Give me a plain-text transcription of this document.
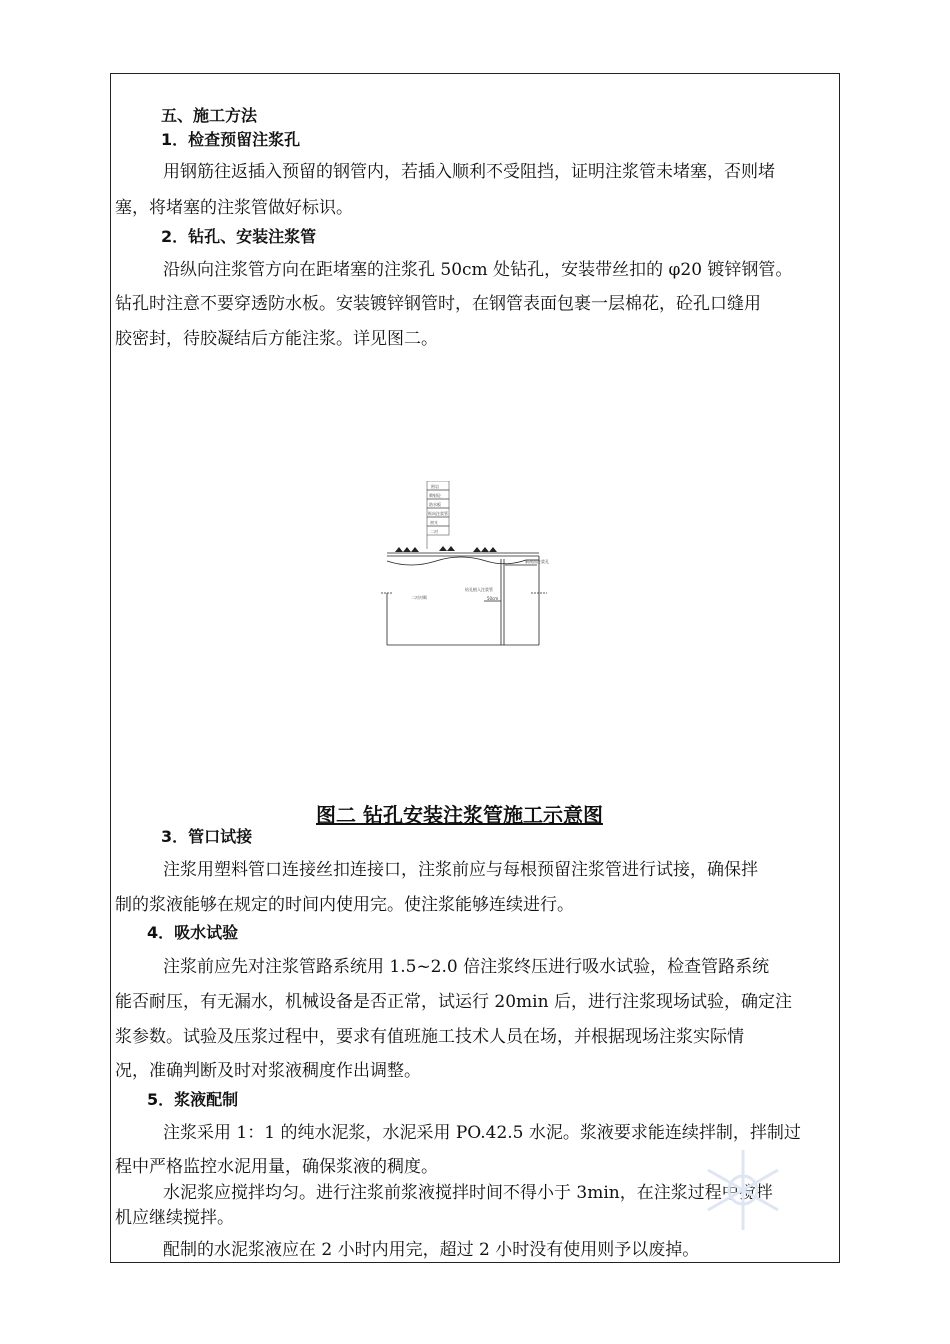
五、施工方法
1．检查预留注浆孔
用钢筋往返插入预留的钢管内，若插入顺利不受阻挡，证明注浆管未堵塞，否则堵
塞，将堵塞的注浆管做好标识。
2．钻孔、安装注浆管
沿纵向注浆管方向在距堵塞的注浆孔 50cm 处钻孔，安装带丝扣的 φ20 镀锌钢管。
钻孔时注意不要穿透防水板。安装镀锌钢管时，在钢管表面包裹一层棉花，砼孔口缝用
胶密封，待胶凝结后方能注浆。详见图二。
围岩
喷射砼
防水板
纵向注浆管
初支
二衬
新预留注浆孔
钻孔植入注浆管
二衬衬砌	50cm
图二 钻孔安装注浆管施工示意图
3．管口试接
注浆用塑料管口连接丝扣连接口，注浆前应与每根预留注浆管进行试接，确保拌
制的浆液能够在规定的时间内使用完。使注浆能够连续进行。
4．吸水试验
注浆前应先对注浆管路系统用 1.5~2.0 倍注浆终压进行吸水试验，检查管路系统
能否耐压，有无漏水，机械设备是否正常，试运行 20min 后，进行注浆现场试验，确定注
浆参数。试验及压浆过程中，要求有值班施工技术人员在场，并根据现场注浆实际情
况，准确判断及时对浆液稠度作出调整。
5．浆液配制
注浆采用 1：1 的纯水泥浆，水泥采用 PO.42.5 水泥。浆液要求能连续拌制，拌制过
程中严格监控水泥用量，确保浆液的稠度。
水泥浆应搅拌均匀。进行注浆前浆液搅拌时间不得小于 3min，在注浆过程中搅拌
机应继续搅拌。
配制的水泥浆液应在 2 小时内用完，超过 2 小时没有使用则予以废掉。
